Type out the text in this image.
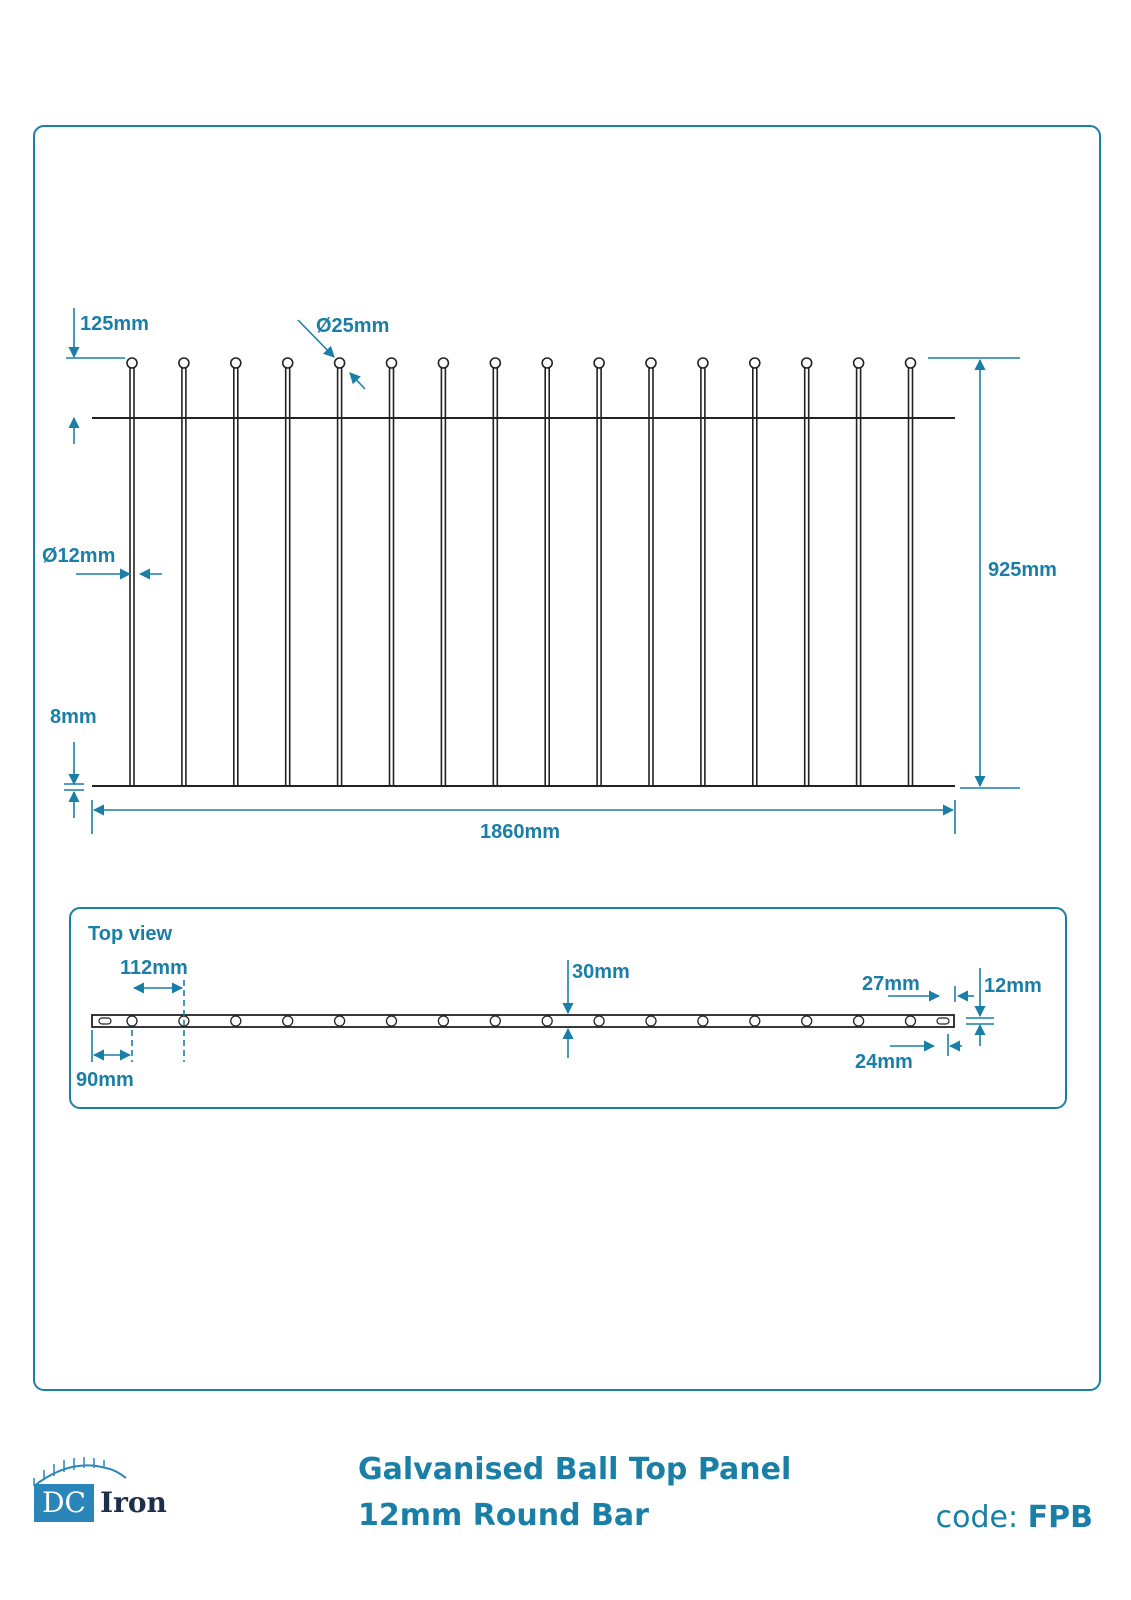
125mm	Ø25mm
Ø12mm
8mm
925mm
1860mm
Top view
112mm
90mm
30mm
27mm
24mm
12mm
DC Iron
Galvanised Ball Top Panel
12mm Round Bar	code: FPB
